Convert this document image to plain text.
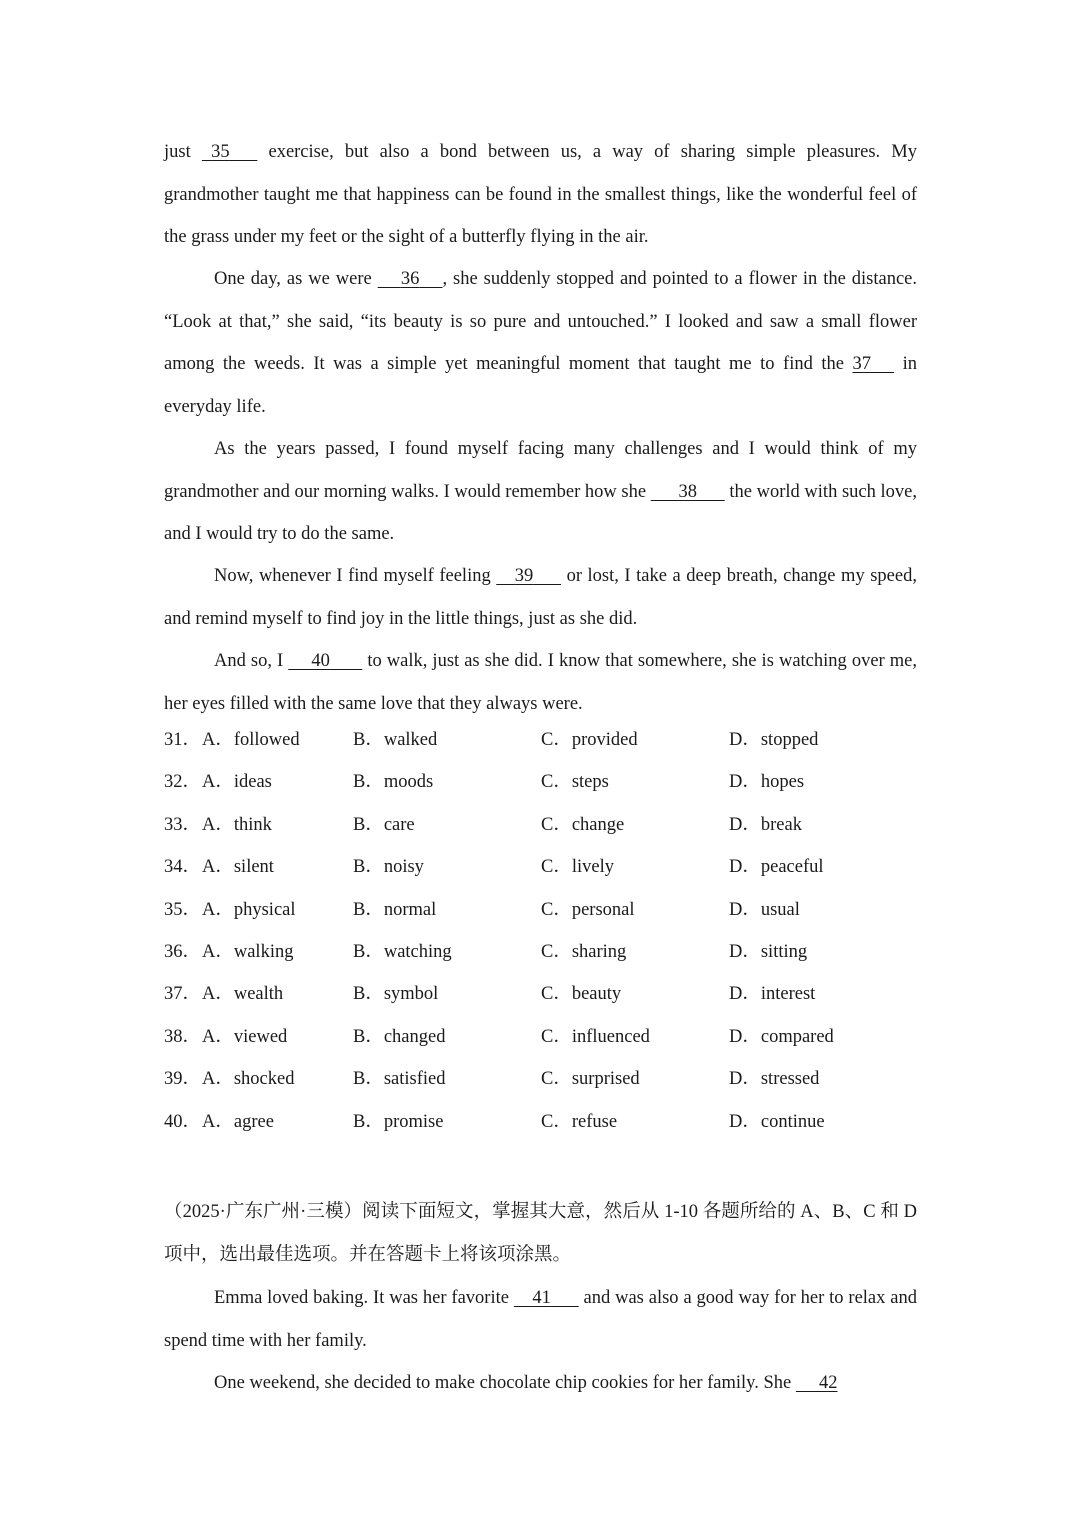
just   35       exercise, but also a bond between us, a way of sharing simple pleasures. My grandmother taught me that happiness can be found in the smallest things, like the wonderful feel of the grass under my feet or the sight of a butterfly flying in the air.

One day, as we were      36 , she suddenly stopped and pointed to a flower in the distance. “Look at that,” she said, “its beauty is so pure and untouched.” I looked and saw a small flower among the weeds. It was a simple yet meaningful moment that taught me to find the 37      in everyday life.

As the years passed, I found myself facing many challenges and I would think of my grandmother and our morning walks. I would remember how she       38       the world with such love, and I would try to do the same.

Now, whenever I find myself feeling     39       or lost, I take a deep breath, change my speed, and remind myself to find joy in the little things, just as she did.

And so, I      40        to walk, just as she did. I know that somewhere, she is watching over me, her eyes filled with the same love that they always were.

31． A．followed	B．walked	C．provided	D．stopped
32． A．ideas	B．moods	C．steps	D．hopes
33． A．think	B．care	C．change	D．break
34． A．silent	B．noisy	C．lively	D．peaceful
35． A．physical	B．normal	C．personal	D．usual
36． A．walking	B．watching	C．sharing	D．sitting
37． A．wealth	B．symbol	C．beauty	D．interest
38． A．viewed	B．changed	C．influenced	D．compared
39． A．shocked	B．satisfied	C．surprised	D．stressed
40． A．agree	B．promise	C．refuse	D．continue

（2025·广东广州·三模）阅读下面短文，掌握其大意，然后从 1-10 各题所给的 A、B、C 和 D 项中，选出最佳选项。并在答题卡上将该项涂黑。

Emma loved baking. It was her favorite     41       and was also a good way for her to relax and spend time with her family.

One weekend, she decided to make chocolate chip cookies for her family. She      42
